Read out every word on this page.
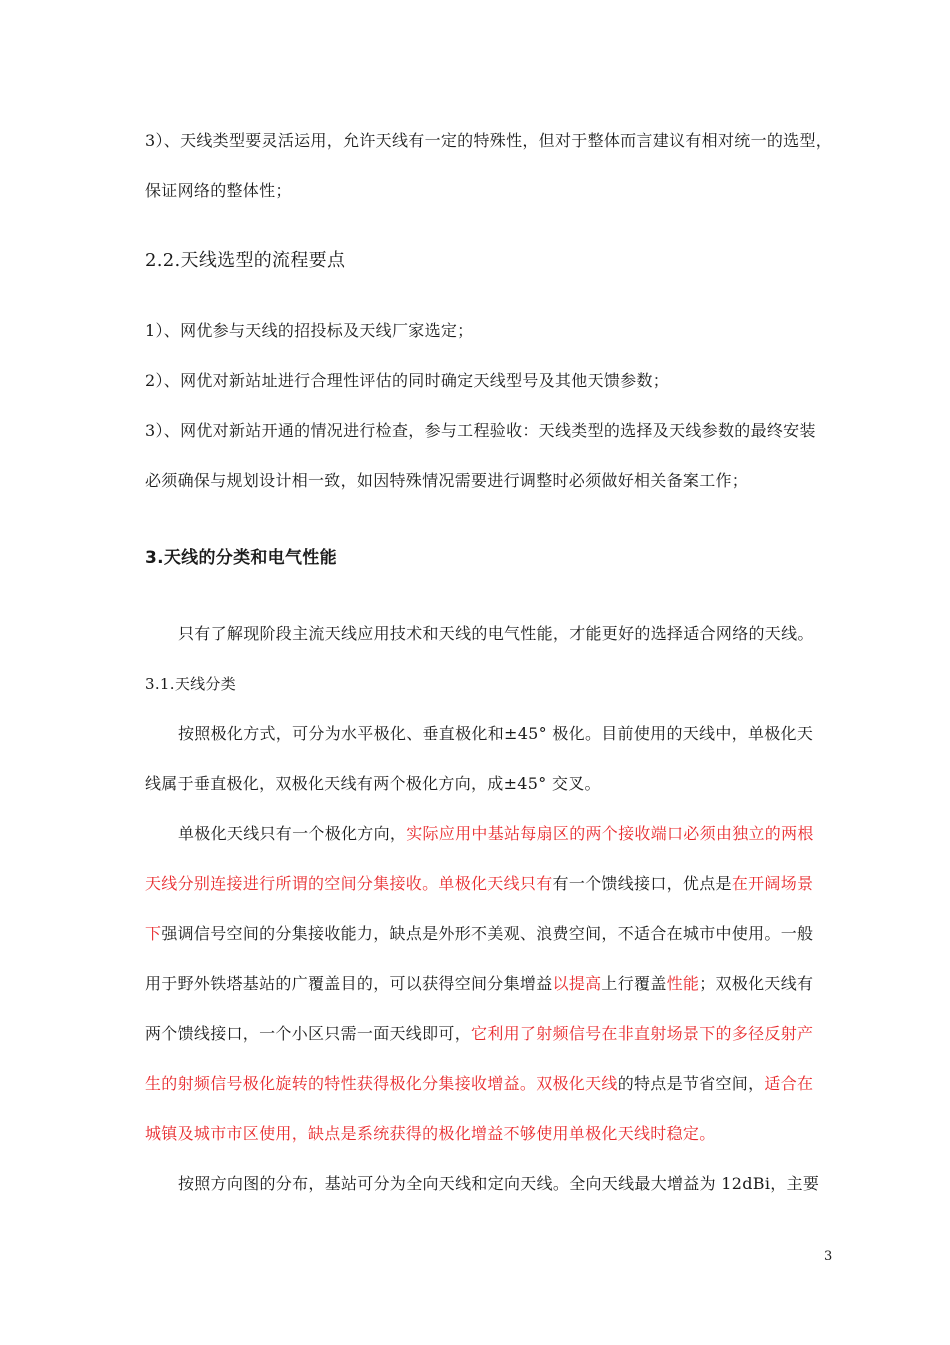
3）、天线类型要灵活运用，允许天线有一定的特殊性，但对于整体而言建议有相对统一的选型，
保证网络的整体性；
2.2.天线选型的流程要点
1）、网优参与天线的招投标及天线厂家选定；
2）、网优对新站址进行合理性评估的同时确定天线型号及其他天馈参数；
3）、网优对新站开通的情况进行检查，参与工程验收：天线类型的选择及天线参数的最终安装
必须确保与规划设计相一致，如因特殊情况需要进行调整时必须做好相关备案工作；
3.天线的分类和电气性能
只有了解现阶段主流天线应用技术和天线的电气性能，才能更好的选择适合网络的天线。
3.1.天线分类
按照极化方式，可分为水平极化、垂直极化和±45° 极化。目前使用的天线中，单极化天
线属于垂直极化，双极化天线有两个极化方向，成±45° 交叉。
单极化天线只有一个极化方向，实际应用中基站每扇区的两个接收端口必须由独立的两根
天线分别连接进行所谓的空间分集接收。单极化天线只有有一个馈线接口，优点是在开阔场景
下强调信号空间的分集接收能力，缺点是外形不美观、浪费空间，不适合在城市中使用。一般
用于野外铁塔基站的广覆盖目的，可以获得空间分集增益以提高上行覆盖性能；双极化天线有
两个馈线接口，一个小区只需一面天线即可，它利用了射频信号在非直射场景下的多径反射产
生的射频信号极化旋转的特性获得极化分集接收增益。双极化天线的特点是节省空间，适合在
城镇及城市市区使用，缺点是系统获得的极化增益不够使用单极化天线时稳定。
按照方向图的分布，基站可分为全向天线和定向天线。全向天线最大增益为 12dBi，主要
3
